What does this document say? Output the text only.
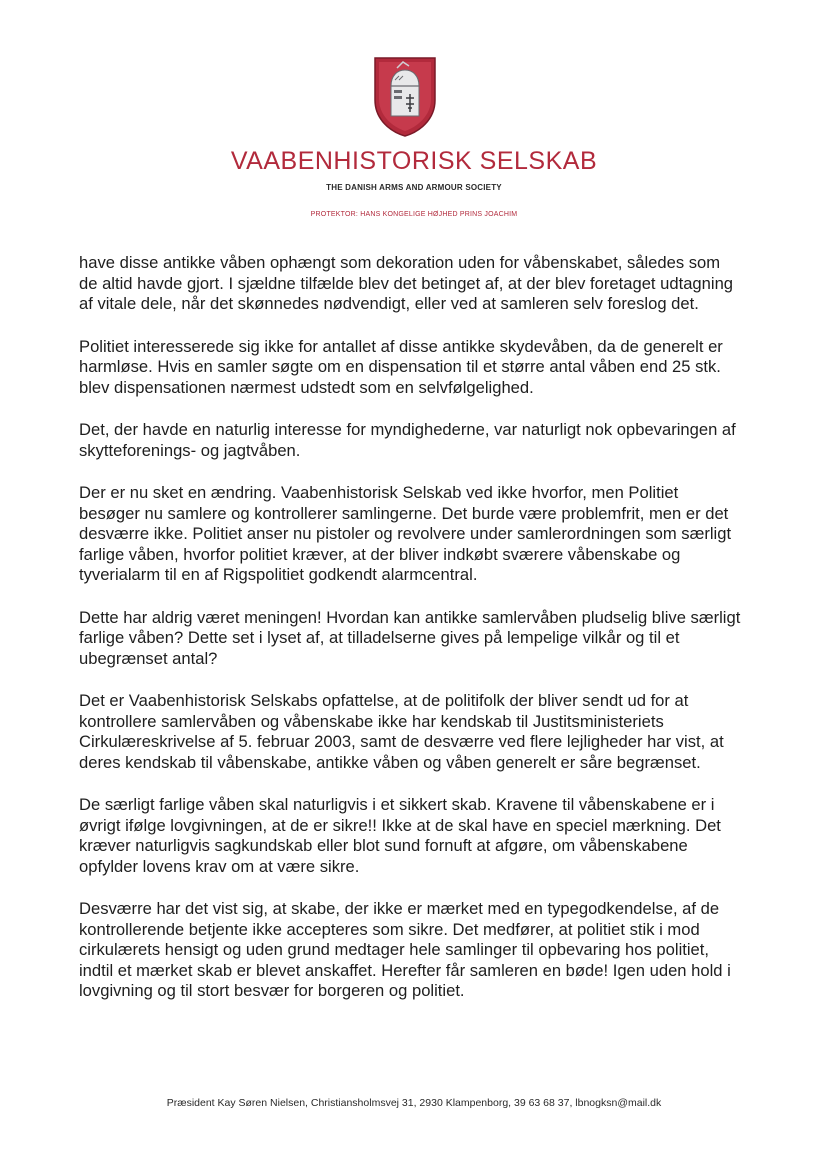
VAABENHISTORISK SELSKAB

THE DANISH ARMS AND ARMOUR SOCIETY

PROTEKTOR: HANS KONGELIGE HØJHED PRINS JOACHIM

have disse antikke våben ophængt som dekoration uden for våbenskabet, således som de altid havde gjort. I sjældne tilfælde blev det betinget af, at der blev foretaget udtagning af vitale dele, når det skønnedes nødvendigt, eller ved at samleren selv foreslog det.

Politiet interesserede sig ikke for antallet af disse antikke skydevåben, da de generelt er harmløse. Hvis en samler søgte om en dispensation til et større antal våben end 25 stk. blev dispensationen nærmest udstedt som en selvfølgelighed.

Det, der havde en naturlig interesse for myndighederne, var naturligt nok opbevaringen af skytteforenings- og jagtvåben.

Der er nu sket en ændring. Vaabenhistorisk Selskab ved ikke hvorfor, men Politiet besøger nu samlere og kontrollerer samlingerne. Det burde være problemfrit, men er det desværre ikke. Politiet anser nu pistoler og revolvere under samlerordningen som særligt farlige våben, hvorfor politiet kræver, at der bliver indkøbt sværere våbenskabe og tyverialarm til en af Rigspolitiet godkendt alarmcentral.

Dette har aldrig været meningen! Hvordan kan antikke samlervåben pludselig blive særligt farlige våben? Dette set i lyset af, at tilladelserne gives på lempelige vilkår og til et ubegrænset antal?

Det er Vaabenhistorisk Selskabs opfattelse, at de politifolk der bliver sendt ud for at kontrollere samlervåben og våbenskabe ikke har kendskab til Justitsministeriets Cirkulæreskrivelse af 5. februar 2003, samt de desværre ved flere lejligheder har vist, at deres kendskab til våbenskabe, antikke våben og våben generelt er såre begrænset.

De særligt farlige våben skal naturligvis i et sikkert skab. Kravene til våbenskabene er i øvrigt ifølge lovgivningen, at de er sikre!! Ikke at de skal have en speciel mærkning. Det kræver naturligvis sagkundskab eller blot sund fornuft at afgøre, om våbenskabene opfylder lovens krav om at være sikre.

Desværre har det vist sig, at skabe, der ikke er mærket med en typegodkendelse, af de kontrollerende betjente ikke accepteres som sikre. Det medfører, at politiet stik i mod cirkulærets hensigt og uden grund medtager hele samlinger til opbevaring hos politiet, indtil et mærket skab er blevet anskaffet. Herefter får samleren en bøde! Igen uden hold i lovgivning og til stort besvær for borgeren og politiet.

Præsident Kay Søren Nielsen, Christiansholmsvej 31, 2930 Klampenborg, 39 63 68 37, lbnogksn@mail.dk
